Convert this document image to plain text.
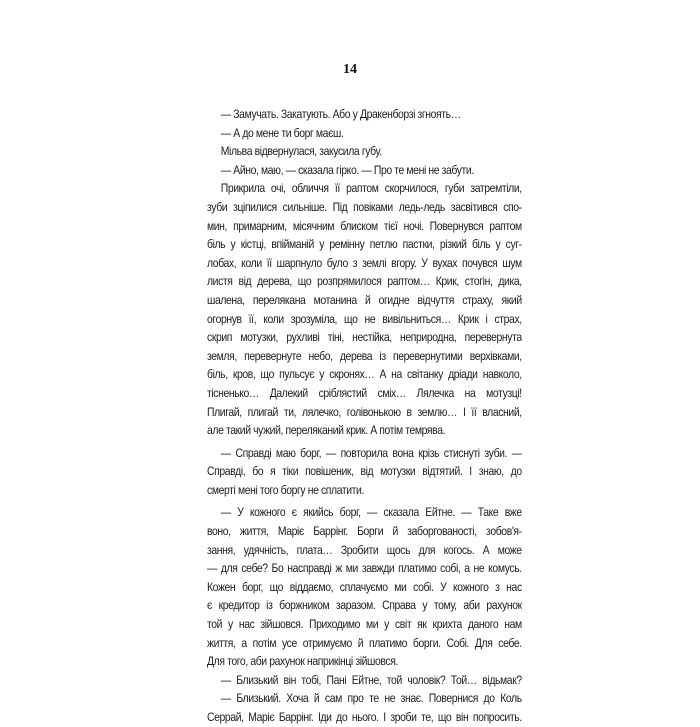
14
— Замучать. Закатують. Або у Дракенборзі згноять…
— А до мене ти борг маєш.
Мільва відвернулася, закусила губу.
— Айно, маю, — сказала гірко. — Про те мені не забути.
Прикрила очі, обличчя її раптом скорчилося, губи затремтіли,
зуби зціпилися сильніше. Під повіками ледь-ледь засвітився спо-
мин, примарним, місячним блиском тієї ночі. Повернувся раптом
біль у кістці, впійманій у ремінну петлю пастки, різкий біль у суг-
лобах, коли її шарпнуло було з землі вгору. У вухах почувся шум
листя від дерева, що розпрямилося раптом… Крик, стогін, дика,
шалена, перелякана мотанина й огидне відчуття страху, який
огорнув її, коли зрозуміла, що не вивільниться… Крик і страх,
скрип мотузки, рухливі тіні, нестійка, неприродна, перевернута
земля, перевернуте небо, дерева із перевернутими верхівками,
біль, кров, що пульсує у скронях… А на світанку дріади навколо,
тісненько… Далекий сріблястий сміх… Лялечка на мотузці!
Плигай, плигай ти, лялечко, голівонькою в землю… І її власний,
але такий чужий, переляканий крик. А потім темрява.
— Справді маю борг, — повторила вона крізь стиснуті зуби. —
Справді, бо я тіки повішеник, від мотузки відтятий. І знаю, до
смерті мені того боргу не сплатити.
— У кожного є якийсь борг, — сказала Ейтне. — Таке вже
воно, життя, Маріє Баррінг. Борги й заборгованості, зобов'я-
зання, удячність, плата… Зробити щось для когось. А може
— для себе? Бо насправді ж ми завжди платимо собі, а не комусь.
Кожен борг, що віддаємо, сплачуємо ми собі. У кожного з нас
є кредитор із боржником заразом. Справа у тому, аби рахунок
той у нас зійшовся. Приходимо ми у світ як крихта даного нам
життя, а потім усе отримуємо й платимо борги. Собі. Для себе.
Для того, аби рахунок наприкінці зійшовся.
— Близький він тобі, Пані Ейтне, той чоловік? Той… відьмак?
— Близький. Хоча й сам про те не знає. Повернися до Коль
Серрай, Маріє Баррінг. Іди до нього. І зроби те, що він попросить.
